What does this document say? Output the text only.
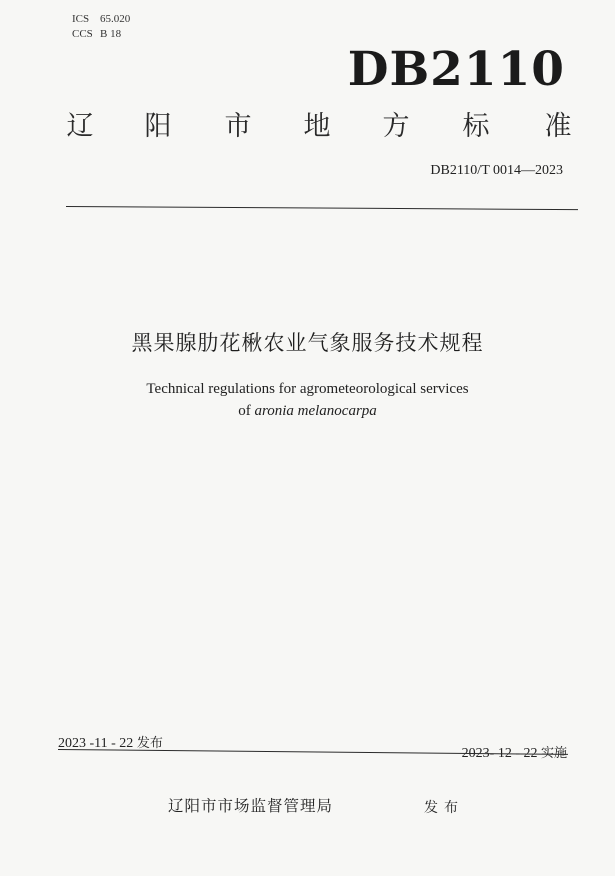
ICS 65.020
CCS B 18
DB2110
辽 阳 市 地 方 标 准
DB2110/T 0014—2023
黑果腺肋花楸农业气象服务技术规程
Technical regulations for agrometeorological services
of aronia melanocarpa
2023 -11 - 22 发布
2023- 12 - 22 实施
辽阳市市场监督管理局	发布
